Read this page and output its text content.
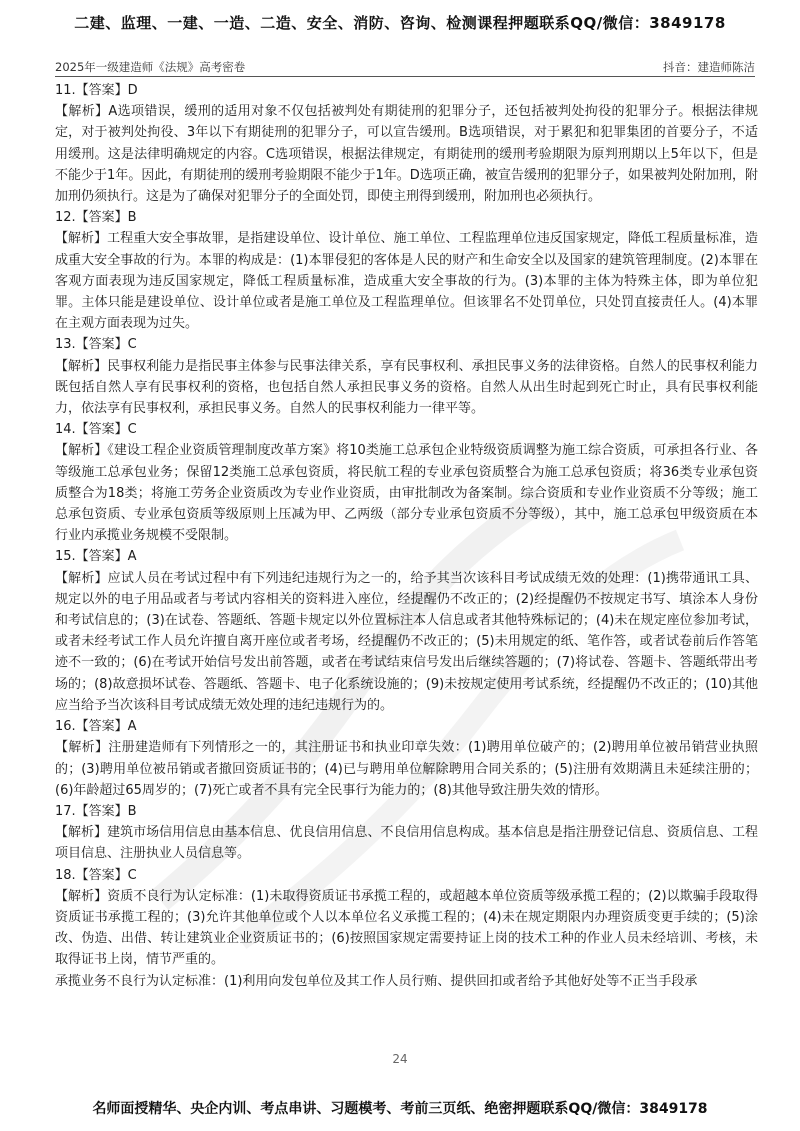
二建、监理、一建、一造、二造、安全、消防、咨询、检测课程押题联系QQ/微信：3849178
2025年一级建造师《法规》高考密卷	抖音：建造师陈洁

11.【答案】D

【解析】A选项错误，缓刑的适用对象不仅包括被判处有期徒刑的犯罪分子，还包括被判处拘役的犯罪分子。根据法律规定，对于被判处拘役、3年以下有期徒刑的犯罪分子，可以宣告缓刑。B选项错误，对于累犯和犯罪集团的首要分子，不适用缓刑。这是法律明确规定的内容。C选项错误，根据法律规定，有期徒刑的缓刑考验期限为原判刑期以上5年以下，但是不能少于1年。因此，有期徒刑的缓刑考验期限不能少于1年。D选项正确，被宣告缓刑的犯罪分子，如果被判处附加刑，附加刑仍须执行。这是为了确保对犯罪分子的全面处罚，即使主刑得到缓刑，附加刑也必须执行。

12.【答案】B

【解析】工程重大安全事故罪，是指建设单位、设计单位、施工单位、工程监理单位违反国家规定，降低工程质量标准，造成重大安全事故的行为。本罪的构成是：(1)本罪侵犯的客体是人民的财产和生命安全以及国家的建筑管理制度。(2)本罪在客观方面表现为违反国家规定，降低工程质量标准，造成重大安全事故的行为。(3)本罪的主体为特殊主体，即为单位犯罪。主体只能是建设单位、设计单位或者是施工单位及工程监理单位。但该罪名不处罚单位，只处罚直接责任人。(4)本罪在主观方面表现为过失。

13.【答案】C

【解析】民事权利能力是指民事主体参与民事法律关系，享有民事权利、承担民事义务的法律资格。自然人的民事权利能力既包括自然人享有民事权利的资格，也包括自然人承担民事义务的资格。自然人从出生时起到死亡时止，具有民事权利能力，依法享有民事权利，承担民事义务。自然人的民事权利能力一律平等。

14.【答案】C

【解析】《建设工程企业资质管理制度改革方案》将10类施工总承包企业特级资质调整为施工综合资质，可承担各行业、各等级施工总承包业务；保留12类施工总承包资质，将民航工程的专业承包资质整合为施工总承包资质；将36类专业承包资质整合为18类；将施工劳务企业资质改为专业作业资质，由审批制改为备案制。综合资质和专业作业资质不分等级；施工总承包资质、专业承包资质等级原则上压减为甲、乙两级（部分专业承包资质不分等级），其中，施工总承包甲级资质在本行业内承揽业务规模不受限制。

15.【答案】A

【解析】应试人员在考试过程中有下列违纪违规行为之一的，给予其当次该科目考试成绩无效的处理：(1)携带通讯工具、规定以外的电子用品或者与考试内容相关的资料进入座位，经提醒仍不改正的；(2)经提醒仍不按规定书写、填涂本人身份和考试信息的；(3)在试卷、答题纸、答题卡规定以外位置标注本人信息或者其他特殊标记的；(4)未在规定座位参加考试，或者未经考试工作人员允许擅自离开座位或者考场，经提醒仍不改正的；(5)未用规定的纸、笔作答，或者试卷前后作答笔迹不一致的；(6)在考试开始信号发出前答题，或者在考试结束信号发出后继续答题的；(7)将试卷、答题卡、答题纸带出考场的；(8)故意损坏试卷、答题纸、答题卡、电子化系统设施的；(9)未按规定使用考试系统，经提醒仍不改正的；(10)其他应当给予当次该科目考试成绩无效处理的违纪违规行为的。

16.【答案】A

【解析】注册建造师有下列情形之一的，其注册证书和执业印章失效：(1)聘用单位破产的；(2)聘用单位被吊销营业执照的；(3)聘用单位被吊销或者撤回资质证书的；(4)已与聘用单位解除聘用合同关系的；(5)注册有效期满且未延续注册的；(6)年龄超过65周岁的；(7)死亡或者不具有完全民事行为能力的；(8)其他导致注册失效的情形。

17.【答案】B

【解析】建筑市场信用信息由基本信息、优良信用信息、不良信用信息构成。基本信息是指注册登记信息、资质信息、工程项目信息、注册执业人员信息等。

18.【答案】C

【解析】资质不良行为认定标准：(1)未取得资质证书承揽工程的，或超越本单位资质等级承揽工程的；(2)以欺骗手段取得资质证书承揽工程的；(3)允许其他单位或个人以本单位名义承揽工程的；(4)未在规定期限内办理资质变更手续的；(5)涂改、伪造、出借、转让建筑业企业资质证书的；(6)按照国家规定需要持证上岗的技术工种的作业人员未经培训、考核，未取得证书上岗，情节严重的。

承揽业务不良行为认定标准：(1)利用向发包单位及其工作人员行贿、提供回扣或者给予其他好处等不正当手段承

24
名师面授精华、央企内训、考点串讲、习题模考、考前三页纸、绝密押题联系QQ/微信：3849178
